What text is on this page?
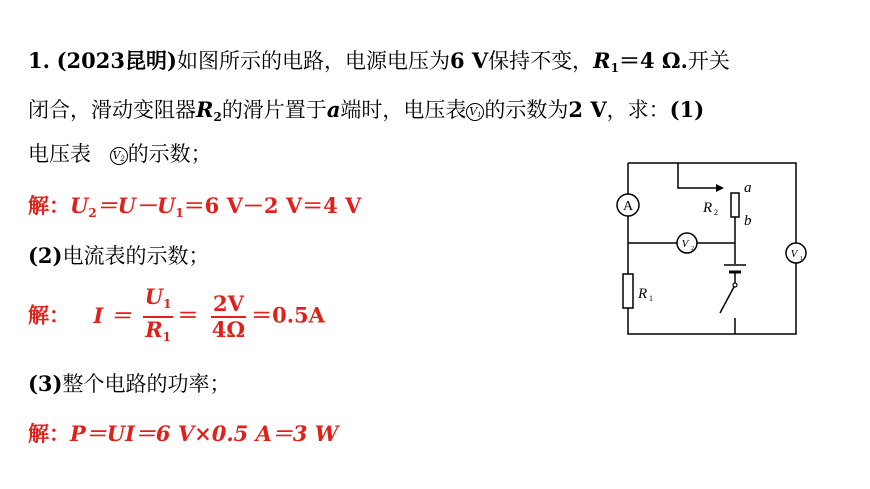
1. (2023昆明)如图所示的电路，电源电压为6 V保持不变，$R_1=4$ Ω.开关
闭合，滑动变阻器$R_2$的滑片置于a端时，电压表 $V_1$ 的示数为2 V，求：(1)
电压表 $V_2$ 的示数；
解：$U_2=U-U_1=6$ V－2 V＝4 V
(2)电流表的示数；
解： $I = \frac{U_1}{R_1} = \frac{2V}{4\Omega} =0.5A$
(3)整个电路的功率；
解：P＝UI＝6 V×0.5 A＝3 W
A
V 2	V 1
R 2
a
b
R 1
